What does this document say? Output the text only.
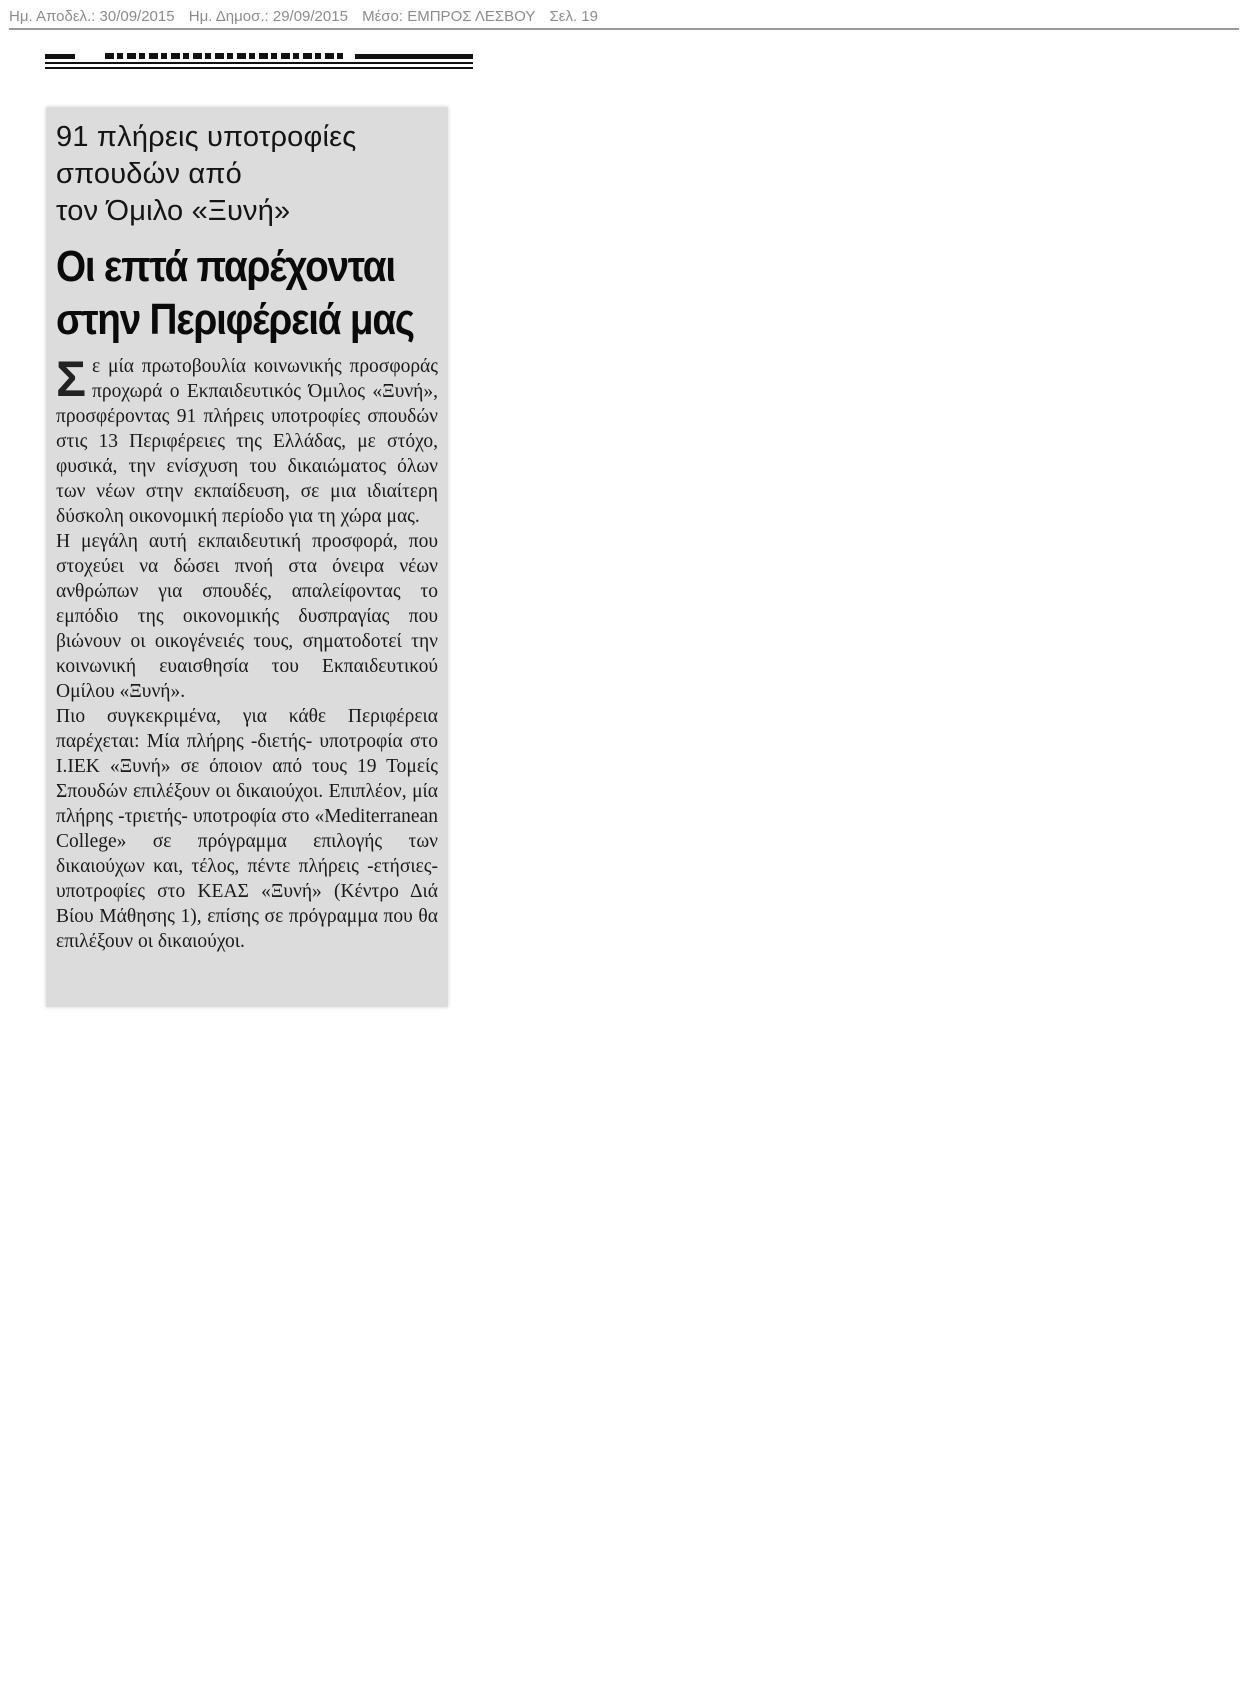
Ημ. Αποδελ.: 30/09/2015 Ημ. Δημοσ.: 29/09/2015 Μέσο: ΕΜΠΡΟΣ ΛΕΣΒΟΥ Σελ. 19
91 πλήρεις υποτροφίες
σπουδών από
τον Όμιλο «Ξυνή»
Οι επτά παρέχονται
στην Περιφέρειά μας

Σε μία πρωτοβουλία κοινωνικής προσφοράς προχωρά ο Εκπαιδευτικός Όμιλος «Ξυνή», προσφέροντας 91 πλήρεις υποτροφίες σπουδών στις 13 Περιφέρειες της Ελλάδας, με στόχο, φυσικά, την ενίσχυση του δικαιώματος όλων των νέων στην εκπαίδευση, σε μια ιδιαίτερη δύσκολη οικονομική περίοδο για τη χώρα μας.

Η μεγάλη αυτή εκπαιδευτική προσφορά, που στοχεύει να δώσει πνοή στα όνειρα νέων ανθρώπων για σπουδές, απαλείφοντας το εμπόδιο της οικονομικής δυσπραγίας που βιώνουν οι οικογένειές τους, σηματοδοτεί την κοινωνική ευαισθησία του Εκπαιδευτικού Ομίλου «Ξυνή».

Πιο συγκεκριμένα, για κάθε Περιφέρεια παρέχεται: Μία πλήρης -διετής- υποτροφία στο Ι.ΙΕΚ «Ξυνή» σε όποιον από τους 19 Τομείς Σπουδών επιλέξουν οι δικαιούχοι. Επιπλέον, μία πλήρης -τριετής- υποτροφία στο «Mediterranean College» σε πρόγραμμα επιλογής των δικαιούχων και, τέλος, πέντε πλήρεις -ετήσιες- υποτροφίες στο ΚΕΑΣ «Ξυνή» (Κέντρο Διά Βίου Μάθησης 1), επίσης σε πρόγραμμα που θα επιλέξουν οι δικαιούχοι.
